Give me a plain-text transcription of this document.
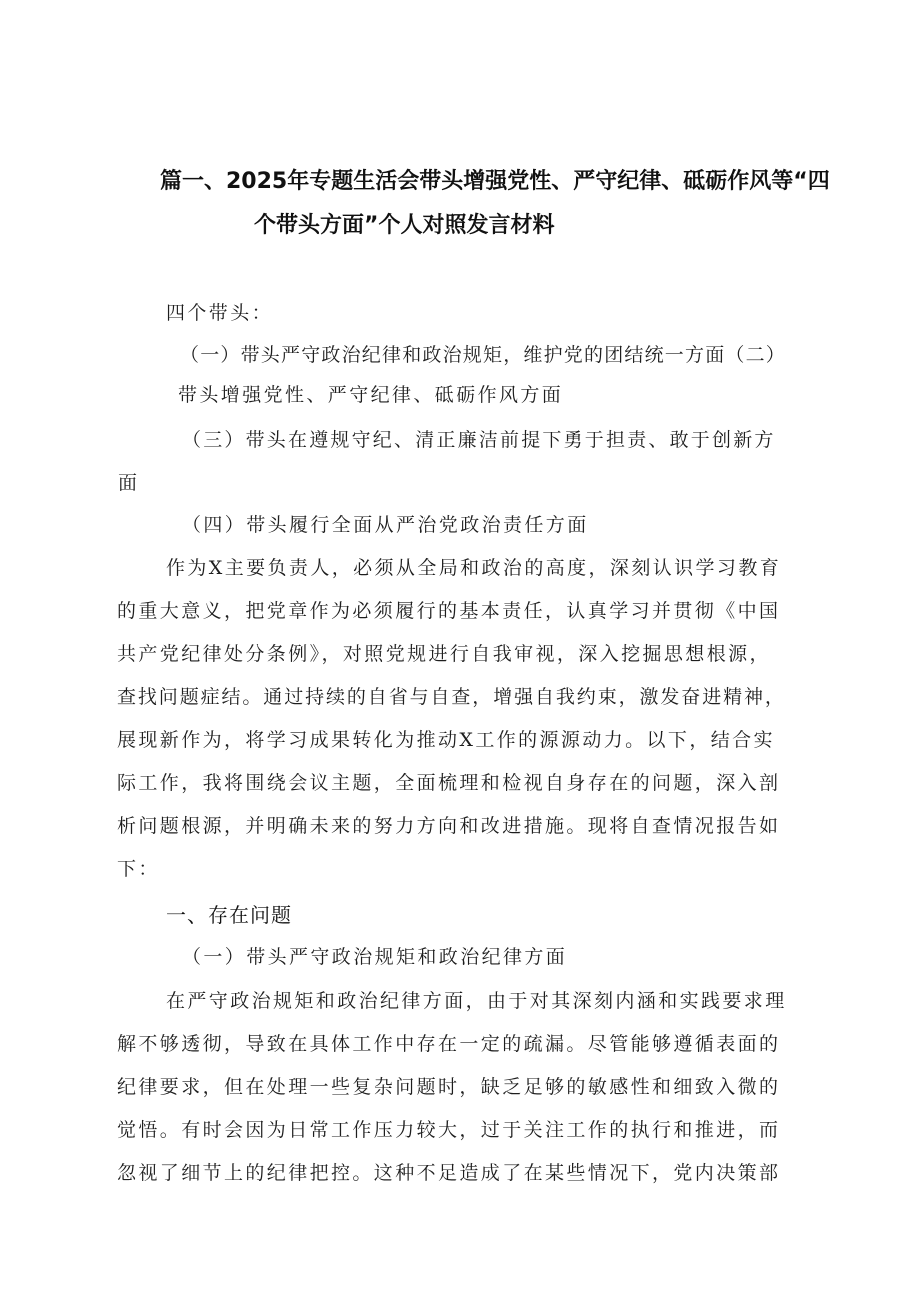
篇一、2025年专题生活会带头增强党性、严守纪律、砥砺作风等“四
个带头方面”个人对照发言材料
四个带头：
（一）带头严守政治纪律和政治规矩，维护党的团结统一方面（二）
带头增强党性、严守纪律、砥砺作风方面
（三）带头在遵规守纪、清正廉洁前提下勇于担责、敢于创新方
面
（四）带头履行全面从严治党政治责任方面
作为X主要负责人，必须从全局和政治的高度，深刻认识学习教育
的重大意义，把党章作为必须履行的基本责任，认真学习并贯彻《中国
共产党纪律处分条例》，对照党规进行自我审视，深入挖掘思想根源，
查找问题症结。通过持续的自省与自查，增强自我约束，激发奋进精神，
展现新作为，将学习成果转化为推动X工作的源源动力。以下，结合实
际工作，我将围绕会议主题，全面梳理和检视自身存在的问题，深入剖
析问题根源，并明确未来的努力方向和改进措施。现将自查情况报告如
下：
一、存在问题
（一）带头严守政治规矩和政治纪律方面
在严守政治规矩和政治纪律方面，由于对其深刻内涵和实践要求理
解不够透彻，导致在具体工作中存在一定的疏漏。尽管能够遵循表面的
纪律要求，但在处理一些复杂问题时，缺乏足够的敏感性和细致入微的
觉悟。有时会因为日常工作压力较大，过于关注工作的执行和推进，而
忽视了细节上的纪律把控。这种不足造成了在某些情况下，党内决策部
